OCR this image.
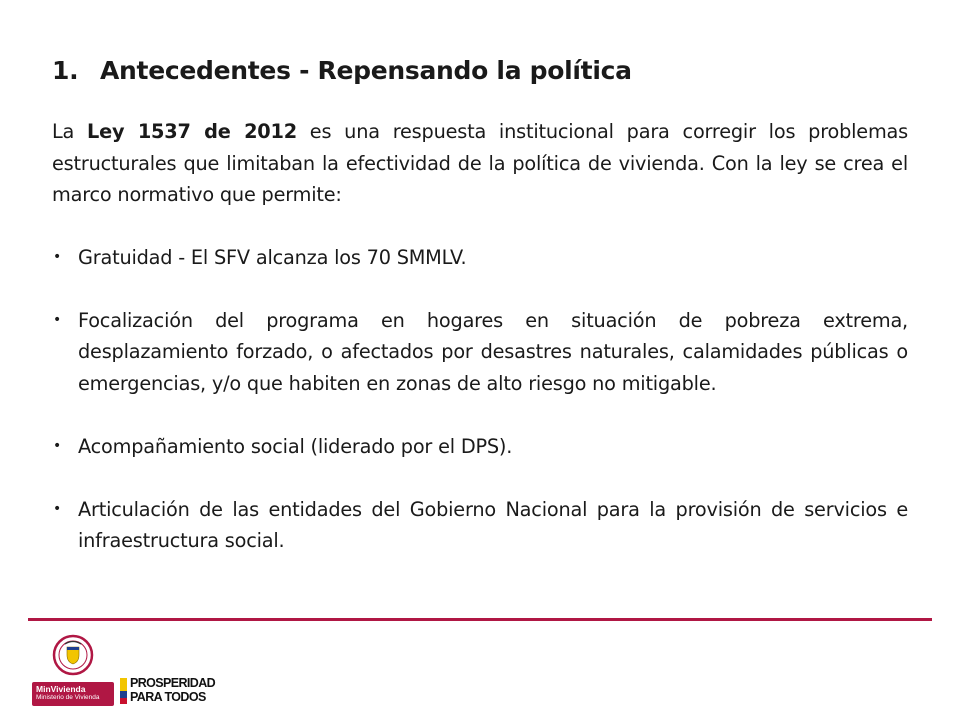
1. Antecedentes - Repensando la política

La Ley 1537 de 2012 es una respuesta institucional para corregir los problemas estructurales que limitaban la efectividad de la política de vivienda. Con la ley se crea el marco normativo que permite:

• Gratuidad - El SFV alcanza los 70 SMMLV.
• Focalización del programa en hogares en situación de pobreza extrema, desplazamiento forzado, o afectados por desastres naturales, calamidades públicas o emergencias, y/o que habiten en zonas de alto riesgo no mitigable.
• Acompañamiento social (liderado por el DPS).
• Articulación de las entidades del Gobierno Nacional para la provisión de servicios e infraestructura social.
MinVivienda
Ministerio de Vivienda
PROSPERIDAD
PARA TODOS
